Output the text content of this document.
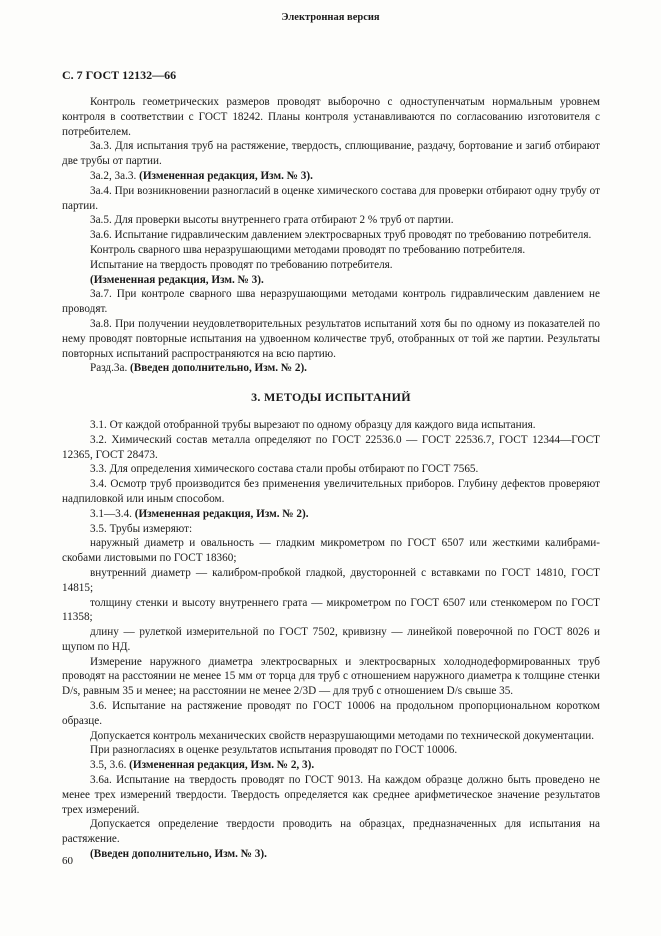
Электронная версия
С. 7 ГОСТ 12132—66

Контроль геометрических размеров проводят выборочно с одноступенчатым нормальным уровнем контроля в соответствии с ГОСТ 18242. Планы контроля устанавливаются по согласованию изготовителя с потребителем.

3а.3. Для испытания труб на растяжение, твердость, сплющивание, раздачу, бортование и загиб отбирают две трубы от партии.

3а.2, 3а.3. (Измененная редакция, Изм. № 3).

3а.4. При возникновении разногласий в оценке химического состава для проверки отбирают одну трубу от партии.

3а.5. Для проверки высоты внутреннего грата отбирают 2 % труб от партии.

3а.6. Испытание гидравлическим давлением электросварных труб проводят по требованию потребителя.

Контроль сварного шва неразрушающими методами проводят по требованию потребителя.

Испытание на твердость проводят по требованию потребителя.

(Измененная редакция, Изм. № 3).

3а.7. При контроле сварного шва неразрушающими методами контроль гидравлическим давлением не проводят.

3а.8. При получении неудовлетворительных результатов испытаний хотя бы по одному из показателей по нему проводят повторные испытания на удвоенном количестве труб, отобранных от той же партии. Результаты повторных испытаний распространяются на всю партию.

Разд.3а. (Введен дополнительно, Изм. № 2).

3. МЕТОДЫ ИСПЫТАНИЙ

3.1. От каждой отобранной трубы вырезают по одному образцу для каждого вида испытания.

3.2. Химический состав металла определяют по ГОСТ 22536.0 — ГОСТ 22536.7, ГОСТ 12344—ГОСТ 12365, ГОСТ 28473.

3.3. Для определения химического состава стали пробы отбирают по ГОСТ 7565.

3.4. Осмотр труб производится без применения увеличительных приборов. Глубину дефектов проверяют надпиловкой или иным способом.

3.1—3.4. (Измененная редакция, Изм. № 2).

3.5. Трубы измеряют:

наружный диаметр и овальность — гладким микрометром по ГОСТ 6507 или жесткими калибрами-скобами листовыми по ГОСТ 18360;

внутренний диаметр — калибром-пробкой гладкой, двусторонней с вставками по ГОСТ 14810, ГОСТ 14815;

толщину стенки и высоту внутреннего грата — микрометром по ГОСТ 6507 или стенкомером по ГОСТ 11358;

длину — рулеткой измерительной по ГОСТ 7502, кривизну — линейкой поверочной по ГОСТ 8026 и щупом по НД.

Измерение наружного диаметра электросварных и электросварных холоднодеформированных труб проводят на расстоянии не менее 15 мм от торца для труб с отношением наружного диаметра к толщине стенки D/s, равным 35 и менее; на расстоянии не менее 2/3D — для труб с отношением D/s свыше 35.

3.6. Испытание на растяжение проводят по ГОСТ 10006 на продольном пропорциональном коротком образце.

Допускается контроль механических свойств неразрушающими методами по технической документации.

При разногласиях в оценке результатов испытания проводят по ГОСТ 10006.

3.5, 3.6. (Измененная редакция, Изм. № 2, 3).

3.6а. Испытание на твердость проводят по ГОСТ 9013. На каждом образце должно быть проведено не менее трех измерений твердости. Твердость определяется как среднее арифметическое значение результатов трех измерений.

Допускается определение твердости проводить на образцах, предназначенных для испытания на растяжение.

(Введен дополнительно, Изм. № 3).

60
